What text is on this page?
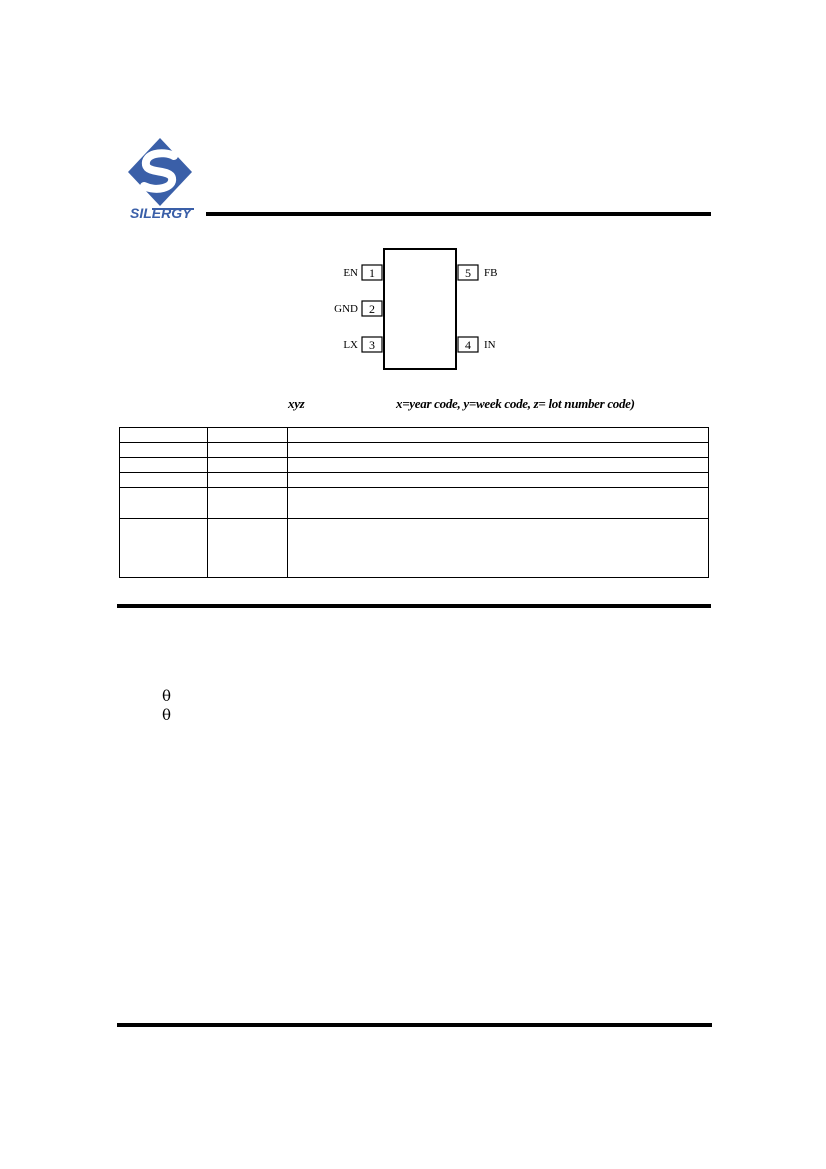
SILERGY
1
2
3	4
5
EN
GND
LX	IN
FB
xyz	x=year code, y=week code, z= lot number code)

θ
θ
